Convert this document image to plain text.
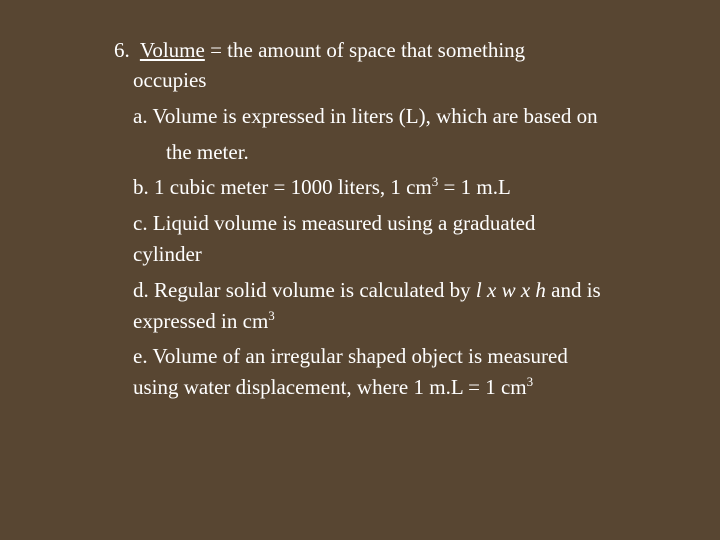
6. Volume = the amount of space that something
occupies
a. Volume is expressed in liters (L), which are based on
the meter.
b. 1 cubic meter = 1000 liters, 1 $cm^3 = 1$ m.L
c. Liquid volume is measured using a graduated
cylinder
d. Regular solid volume is calculated by l x w x h and is
expressed in $cm^3$
e. Volume of an irregular shaped object is measured
using water displacement, where 1 m.L = 1 $cm^3$
